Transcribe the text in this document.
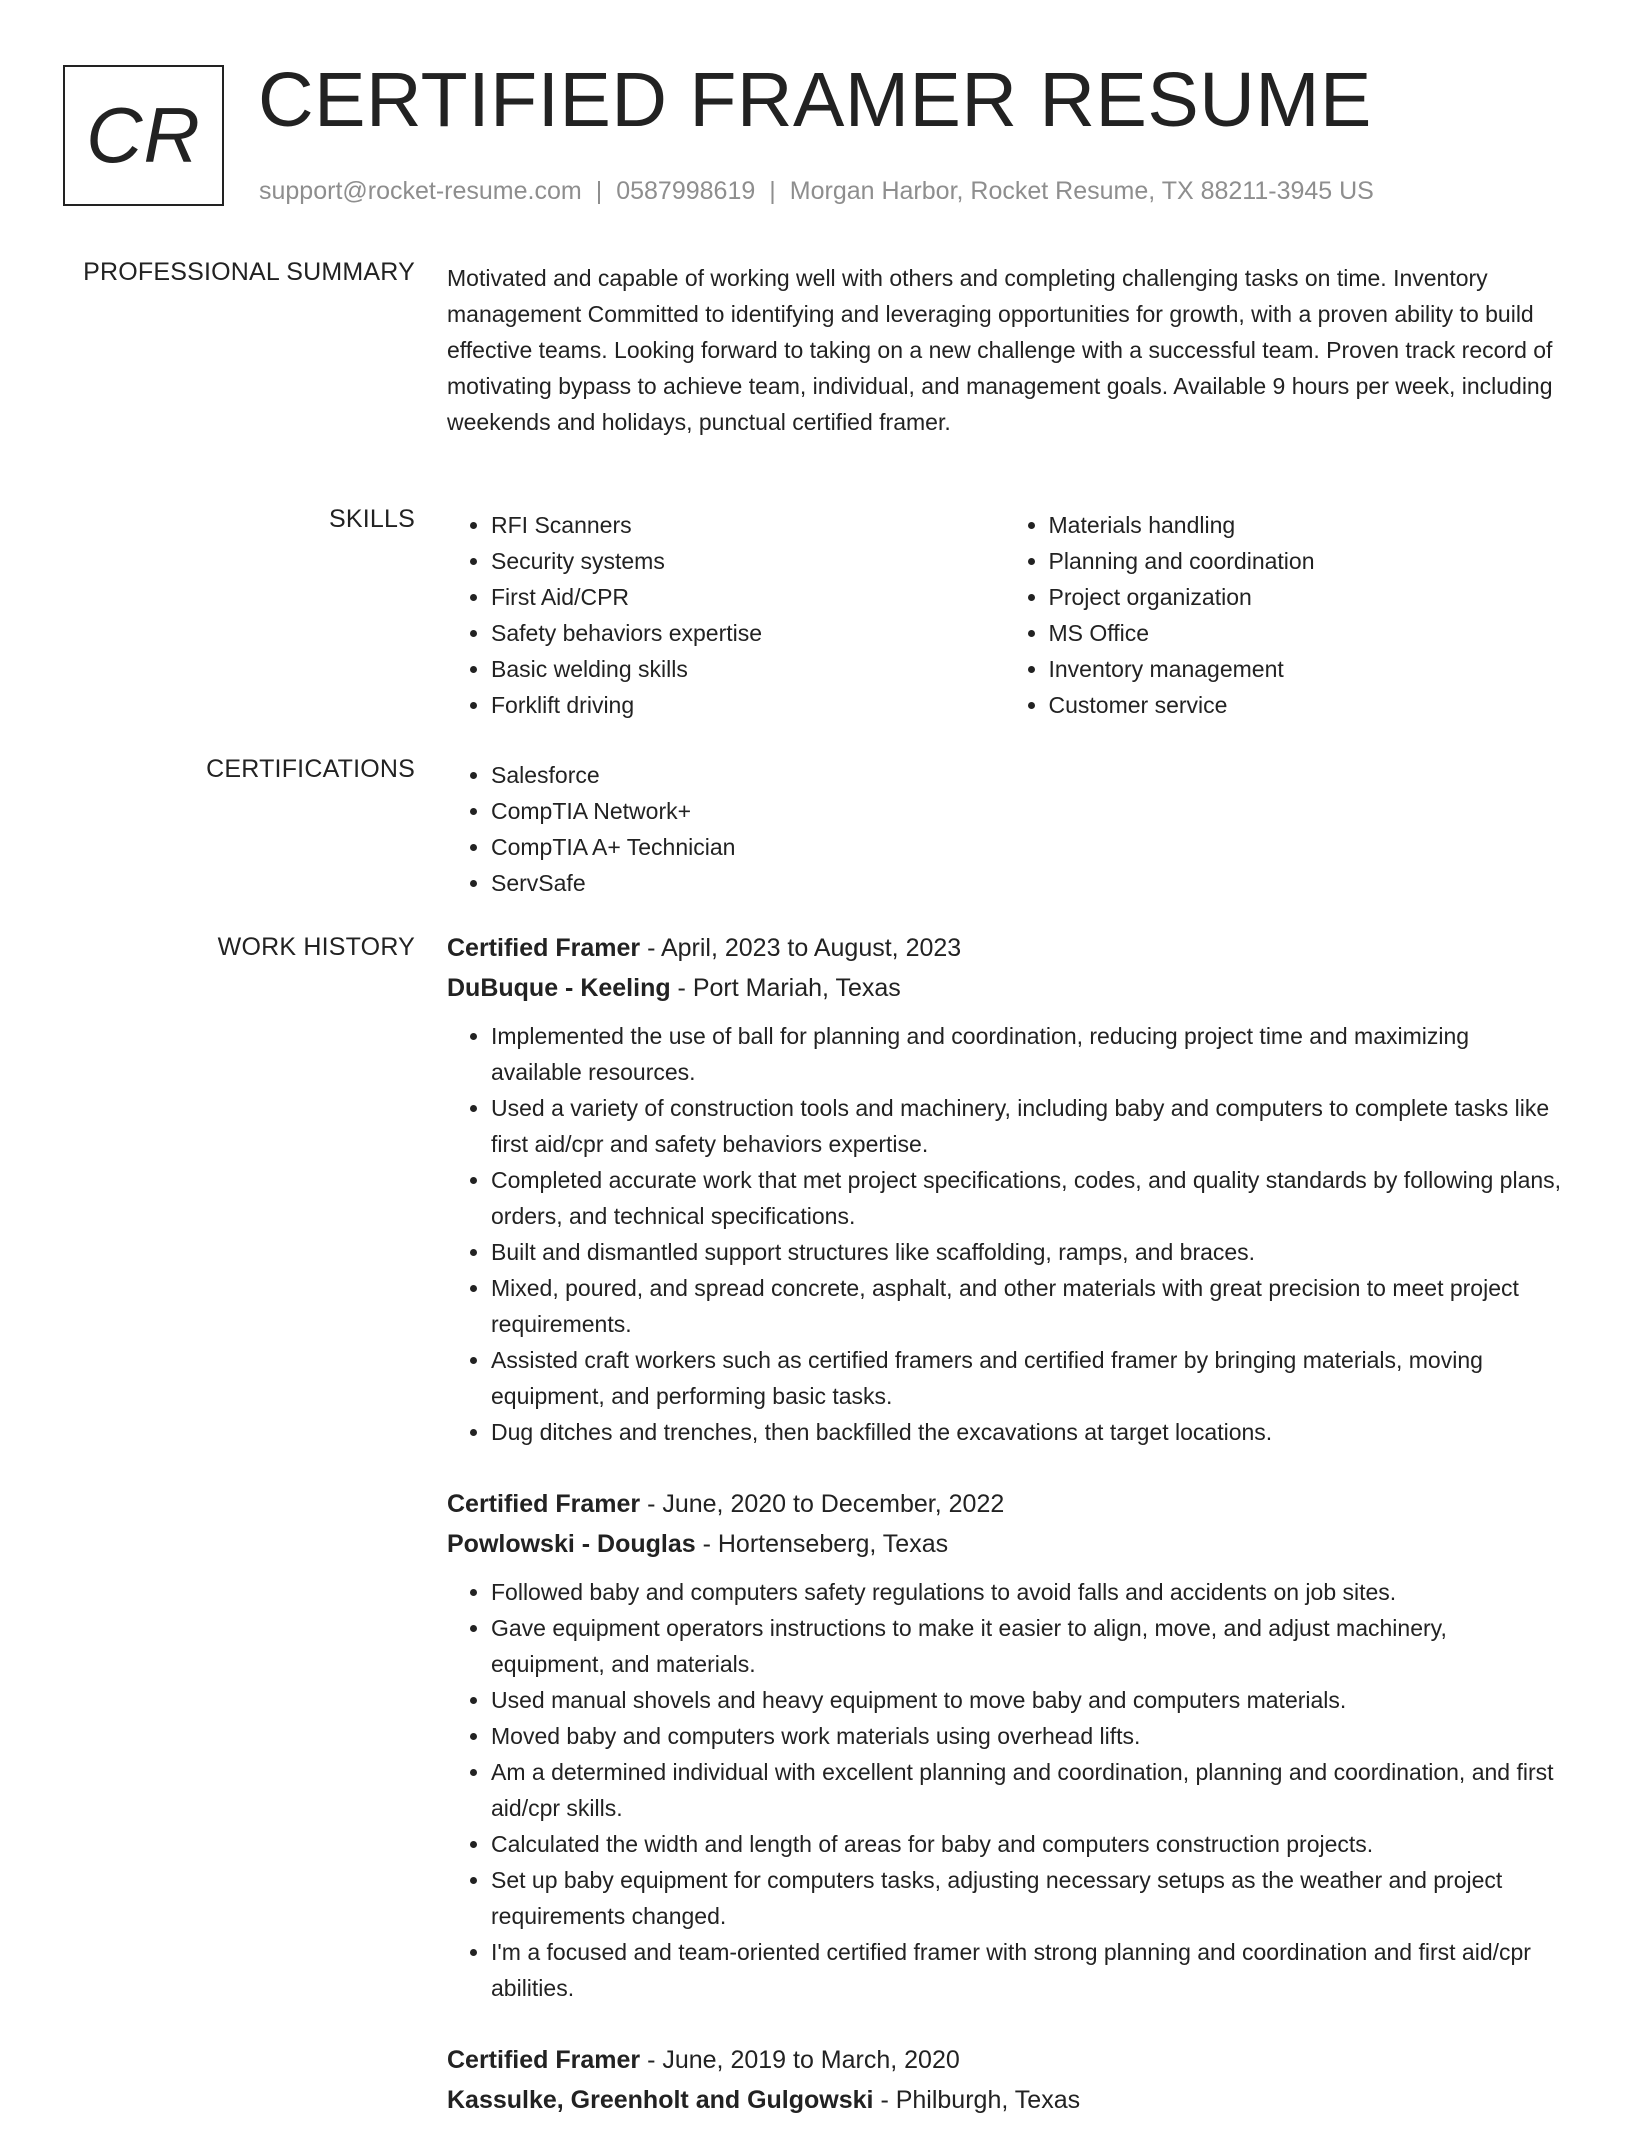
CR CERTIFIED FRAMER RESUME
support@rocket-resume.com | 0587998619 | Morgan Harbor, Rocket Resume, TX 88211-3945 US
PROFESSIONAL SUMMARY Motivated and capable of working well with others and completing challenging tasks on time. Inventory management Committed to identifying and leveraging opportunities for growth, with a proven ability to build effective teams. Looking forward to taking on a new challenge with a successful team. Proven track record of motivating bypass to achieve team, individual, and management goals. Available 9 hours per week, including weekends and holidays, punctual certified framer.

SKILLS	• RFI Scanners
• Security systems
• First Aid/CPR
• Safety behaviors expertise
• Basic welding skills
• Forklift driving
• Materials handling
• Planning and coordination
• Project organization
• MS Office
• Inventory management
• Customer service
CERTIFICATIONS	• Salesforce
• CompTIA Network+
• CompTIA A+ Technician
• ServSafe
WORK HISTORY Certified Framer - April, 2023 to August, 2023
DuBuque - Keeling - Port Mariah, Texas
• Implemented the use of ball for planning and coordination, reducing project time and maximizing available resources.
• Used a variety of construction tools and machinery, including baby and computers to complete tasks like first aid/cpr and safety behaviors expertise.
• Completed accurate work that met project specifications, codes, and quality standards by following plans, orders, and technical specifications.
• Built and dismantled support structures like scaffolding, ramps, and braces.
• Mixed, poured, and spread concrete, asphalt, and other materials with great precision to meet project requirements.
• Assisted craft workers such as certified framers and certified framer by bringing materials, moving equipment, and performing basic tasks.
• Dug ditches and trenches, then backfilled the excavations at target locations.
Certified Framer - June, 2020 to December, 2022
Powlowski - Douglas - Hortenseberg, Texas
• Followed baby and computers safety regulations to avoid falls and accidents on job sites.
• Gave equipment operators instructions to make it easier to align, move, and adjust machinery, equipment, and materials.
• Used manual shovels and heavy equipment to move baby and computers materials.
• Moved baby and computers work materials using overhead lifts.
• Am a determined individual with excellent planning and coordination, planning and coordination, and first aid/cpr skills.
• Calculated the width and length of areas for baby and computers construction projects.
• Set up baby equipment for computers tasks, adjusting necessary setups as the weather and project requirements changed.
• I'm a focused and team-oriented certified framer with strong planning and coordination and first aid/cpr abilities.
Certified Framer - June, 2019 to March, 2020
Kassulke, Greenholt and Gulgowski - Philburgh, Texas
